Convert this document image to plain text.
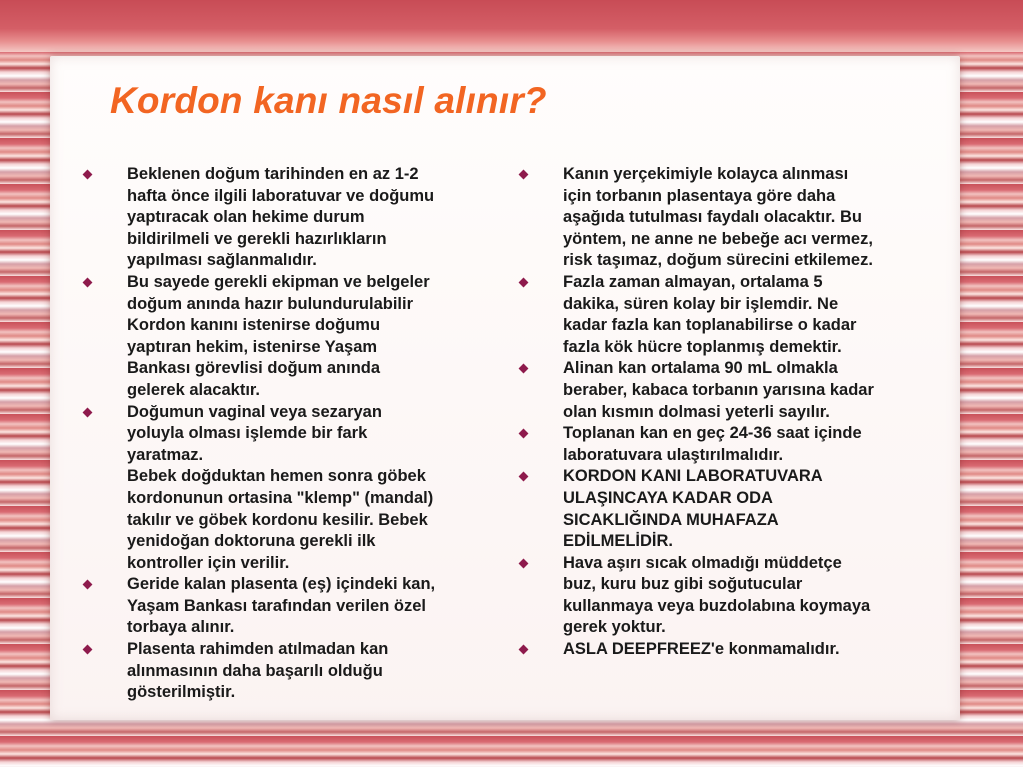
Kordon kanı nasıl alınır?
Beklenen doğum tarihinden en az 1-2
hafta önce ilgili laboratuvar ve doğumu
yaptıracak olan hekime durum
bildirilmeli ve gerekli hazırlıkların
yapılması sağlanmalıdır.
Bu sayede gerekli ekipman ve belgeler
doğum anında hazır bulundurulabilir
Kordon kanını istenirse doğumu
yaptıran hekim, istenirse Yaşam
Bankası görevlisi doğum anında
gelerek alacaktır.
Doğumun vaginal veya sezaryan
yoluyla olması işlemde bir fark
yaratmaz.
Bebek doğduktan hemen sonra göbek
kordonunun ortasina "klemp" (mandal)
takılır ve göbek kordonu kesilir. Bebek
yenidoğan doktoruna gerekli ilk
kontroller için verilir.
Geride kalan plasenta (eş) içindeki kan,
Yaşam Bankası tarafından verilen özel
torbaya alınır.
Plasenta rahimden atılmadan kan
alınmasının daha başarılı olduğu
gösterilmiştir.
Kanın yerçekimiyle kolayca alınması
için torbanın plasentaya göre daha
aşağıda tutulması faydalı olacaktır. Bu
yöntem, ne anne ne bebeğe acı vermez,
risk taşımaz, doğum sürecini etkilemez.
Fazla zaman almayan, ortalama 5
dakika, süren kolay bir işlemdir. Ne
kadar fazla kan toplanabilirse o kadar
fazla kök hücre toplanmış demektir.
Alinan kan ortalama 90 mL olmakla
beraber, kabaca torbanın yarısına kadar
olan kısmın dolmasi yeterli sayılır.
Toplanan kan en geç 24-36 saat içinde
laboratuvara ulaştırılmalıdır.
KORDON KANI LABORATUVARA
ULAŞINCAYA KADAR ODA
SICAKLIĞINDA MUHAFAZA
EDİLMELİDİR.
Hava aşırı sıcak olmadığı müddetçe
buz, kuru buz gibi soğutucular
kullanmaya veya buzdolabına koymaya
gerek yoktur.
ASLA DEEPFREEZ'e konmamalıdır.
